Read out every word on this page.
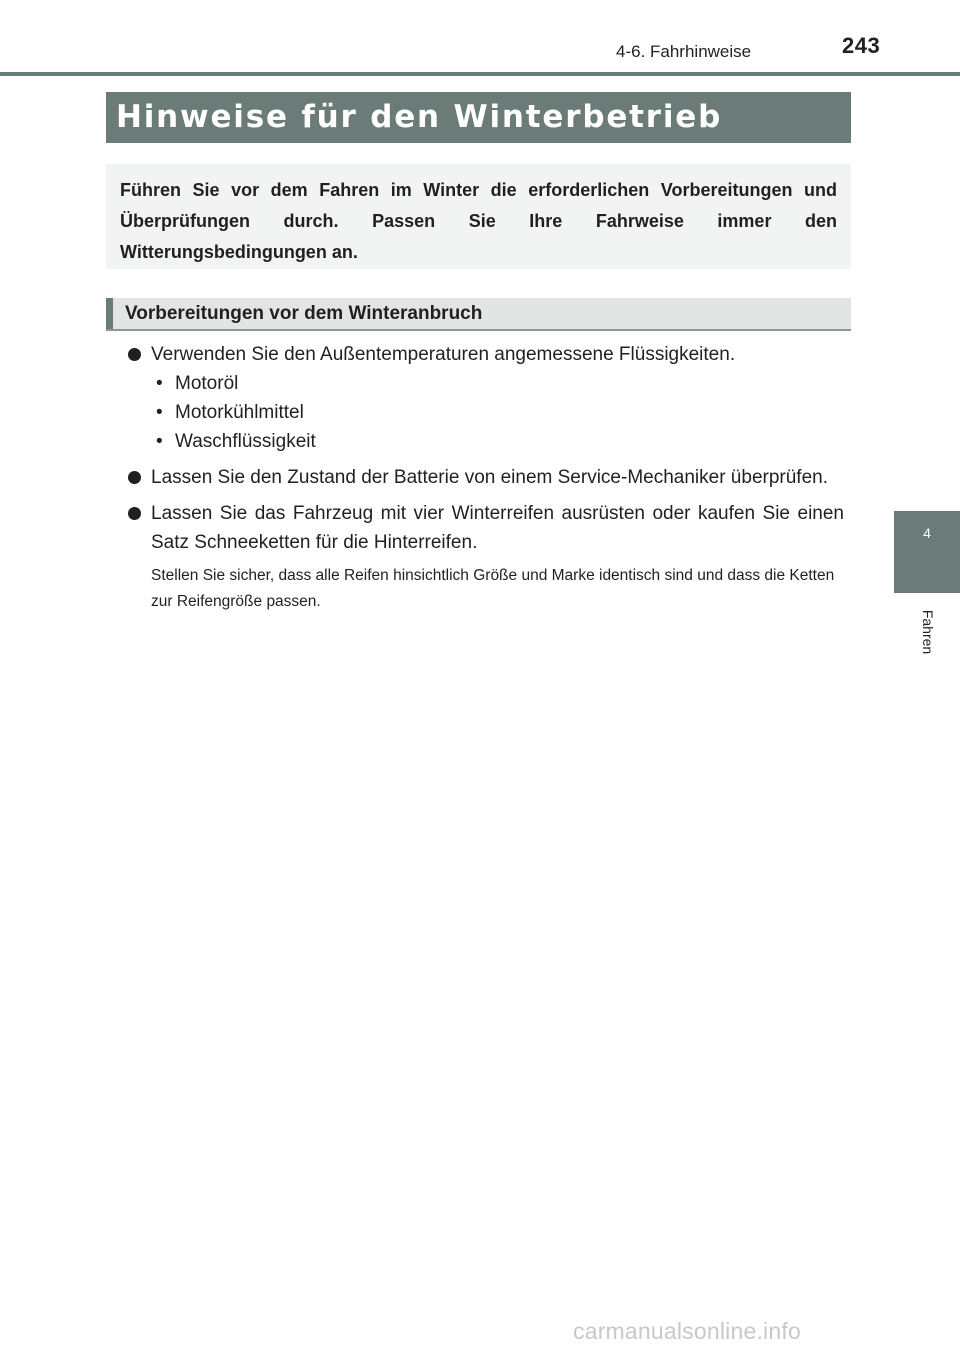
4-6. Fahrhinweise	243
Hinweise für den Winterbetrieb
Führen Sie vor dem Fahren im Winter die erforderlichen Vorbereitungen und Überprüfungen durch. Passen Sie Ihre Fahrweise immer den Witterungsbedingungen an.
Vorbereitungen vor dem Winteranbruch
Verwenden Sie den Außentemperaturen angemessene Flüssigkeiten.
• Motoröl
• Motorkühlmittel
• Waschflüssigkeit
Lassen Sie den Zustand der Batterie von einem Service-Mechaniker überprüfen.
Lassen Sie das Fahrzeug mit vier Winterreifen ausrüsten oder kaufen Sie einen Satz Schneeketten für die Hinterreifen.
Stellen Sie sicher, dass alle Reifen hinsichtlich Größe und Marke identisch sind und dass die Ketten zur Reifengröße passen.
4
Fahren
carmanualsonline.info
